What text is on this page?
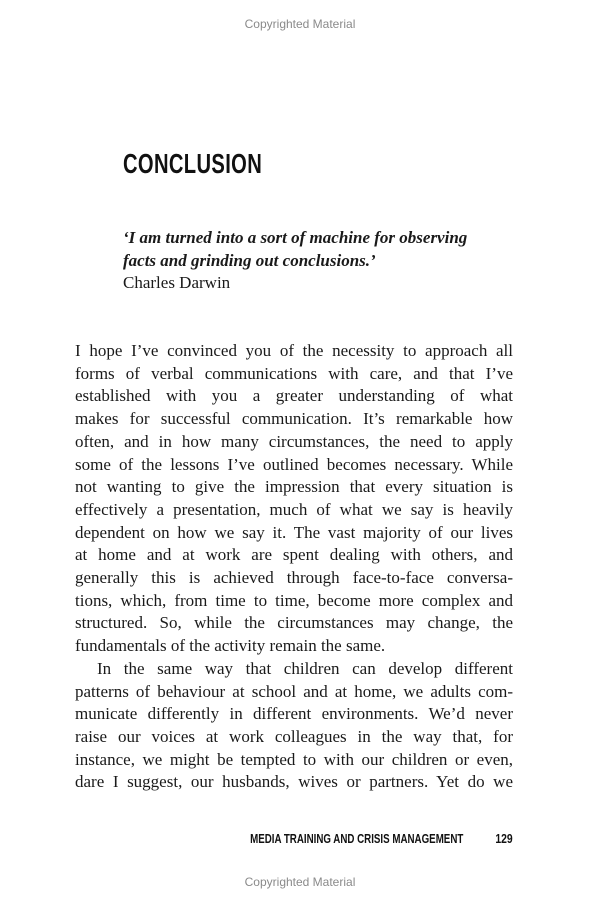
Copyrighted Material
CONCLUSION
‘I am turned into a sort of machine for observing
facts and grinding out conclusions.’
Charles Darwin
I hope I’ve convinced you of the necessity to approach all
forms of verbal communications with care, and that I’ve
established with you a greater understanding of what
makes for successful communication. It’s remarkable how
often, and in how many circumstances, the need to apply
some of the lessons I’ve outlined becomes necessary. While
not wanting to give the impression that every situation is
effectively a presentation, much of what we say is heavily
dependent on how we say it. The vast majority of our lives
at home and at work are spent dealing with others, and
generally this is achieved through face-to-face conversa-
tions, which, from time to time, become more complex and
structured. So, while the circumstances may change, the
fundamentals of the activity remain the same.
In the same way that children can develop different
patterns of behaviour at school and at home, we adults com-
municate differently in different environments. We’d never
raise our voices at work colleagues in the way that, for
instance, we might be tempted to with our children or even,
dare I suggest, our husbands, wives or partners. Yet do we
MEDIA TRAINING AND CRISIS MANAGEMENT	129
Copyrighted Material
